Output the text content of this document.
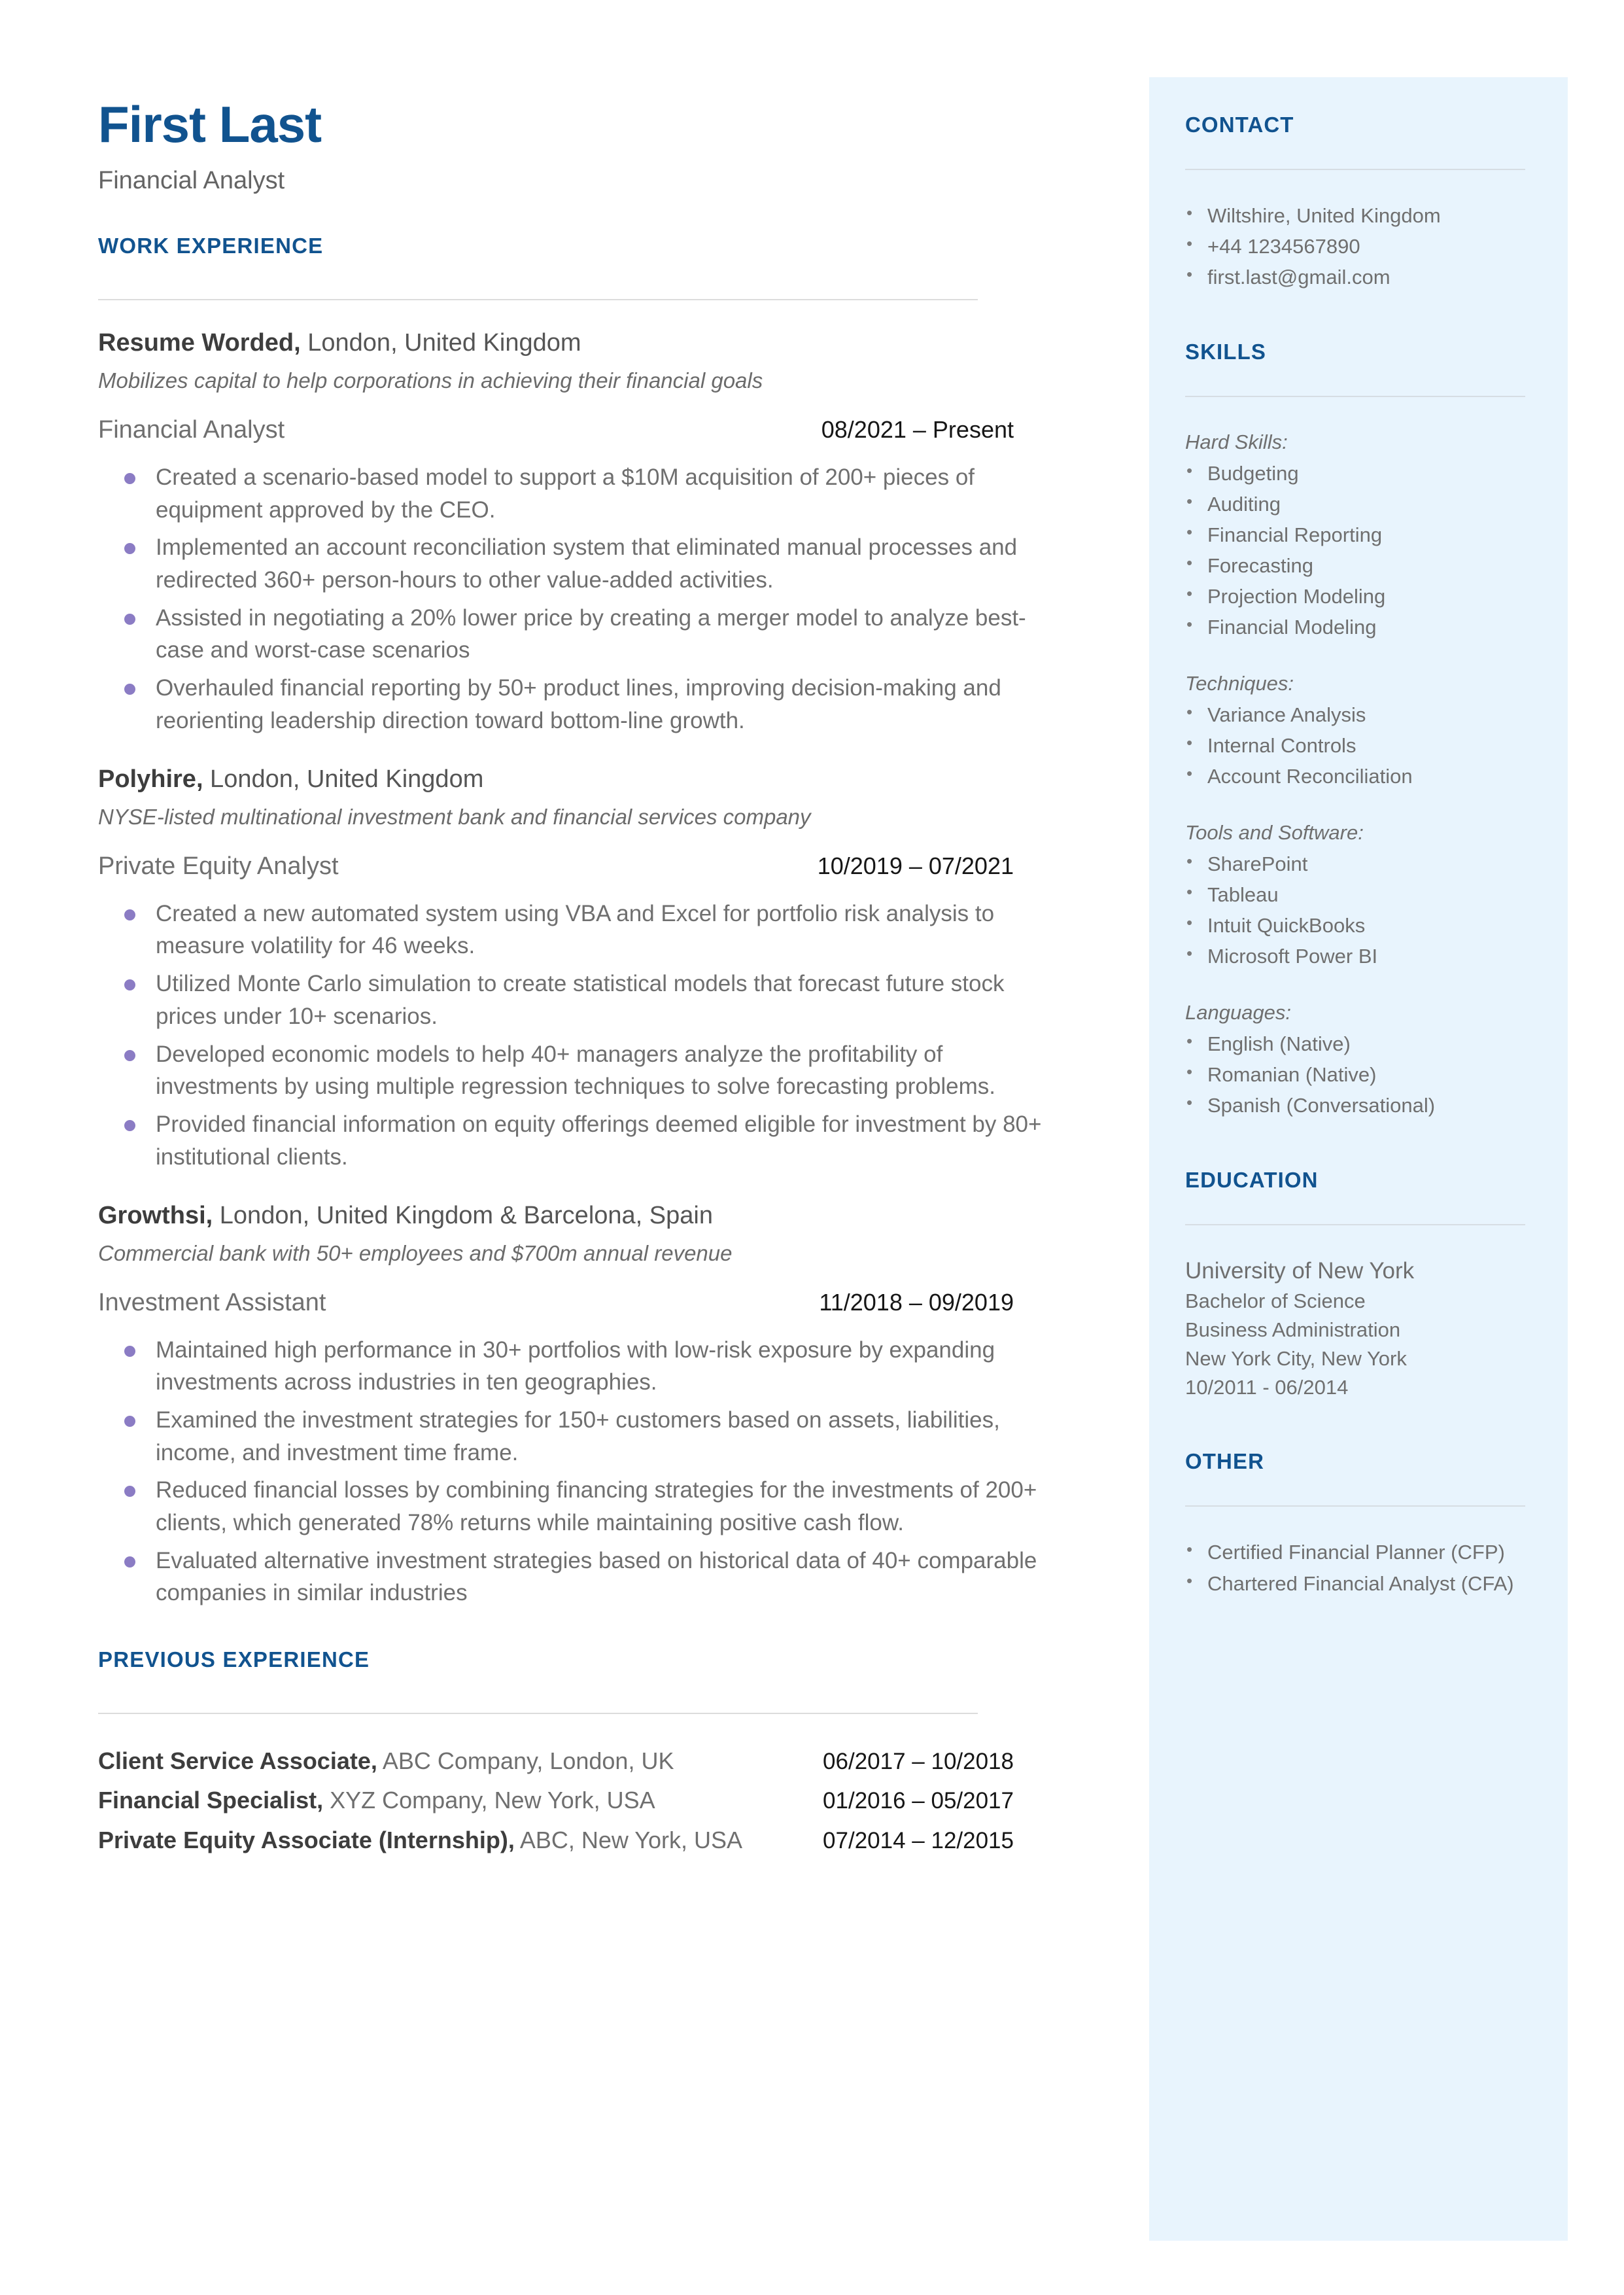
First Last
Financial Analyst
WORK EXPERIENCE
Resume Worded, London, United Kingdom
Mobilizes capital to help corporations in achieving their financial goals
Financial Analyst	08/2021 – Present
Created a scenario-based model to support a $10M acquisition of 200+ pieces of equipment approved by the CEO.
Implemented an account reconciliation system that eliminated manual processes and redirected 360+ person-hours to other value-added activities.
Assisted in negotiating a 20% lower price by creating a merger model to analyze best-case and worst-case scenarios
Overhauled financial reporting by 50+ product lines, improving decision-making and reorienting leadership direction toward bottom-line growth.
Polyhire, London, United Kingdom
NYSE-listed multinational investment bank and financial services company
Private Equity Analyst	10/2019 – 07/2021
Created a new automated system using VBA and Excel for portfolio risk analysis to measure volatility for 46 weeks.
Utilized Monte Carlo simulation to create statistical models that forecast future stock prices under 10+ scenarios.
Developed economic models to help 40+ managers analyze the profitability of investments by using multiple regression techniques to solve forecasting problems.
Provided financial information on equity offerings deemed eligible for investment by 80+ institutional clients.
Growthsi, London, United Kingdom & Barcelona, Spain
Commercial bank with 50+ employees and $700m annual revenue
Investment Assistant	11/2018 – 09/2019
Maintained high performance in 30+ portfolios with low-risk exposure by expanding investments across industries in ten geographies.
Examined the investment strategies for 150+ customers based on assets, liabilities, income, and investment time frame.
Reduced financial losses by combining financing strategies for the investments of 200+ clients, which generated 78% returns while maintaining positive cash flow.
Evaluated alternative investment strategies based on historical data of 40+ comparable companies in similar industries
PREVIOUS EXPERIENCE
Client Service Associate, ABC Company, London, UK	06/2017 – 10/2018
Financial Specialist, XYZ Company, New York, USA	01/2016 – 05/2017
Private Equity Associate (Internship), ABC, New York, USA	07/2014 – 12/2015
CONTACT
• Wiltshire, United Kingdom
• +44 1234567890
• first.last@gmail.com
SKILLS
Hard Skills:
• Budgeting
• Auditing
• Financial Reporting
• Forecasting
• Projection Modeling
• Financial Modeling
Techniques:
• Variance Analysis
• Internal Controls
• Account Reconciliation
Tools and Software:
• SharePoint
• Tableau
• Intuit QuickBooks
• Microsoft Power BI
Languages:
• English (Native)
• Romanian (Native)
• Spanish (Conversational)
EDUCATION
University of New York
Bachelor of Science
Business Administration
New York City, New York
10/2011 - 06/2014
OTHER
• Certified Financial Planner (CFP)
• Chartered Financial Analyst (CFA)
